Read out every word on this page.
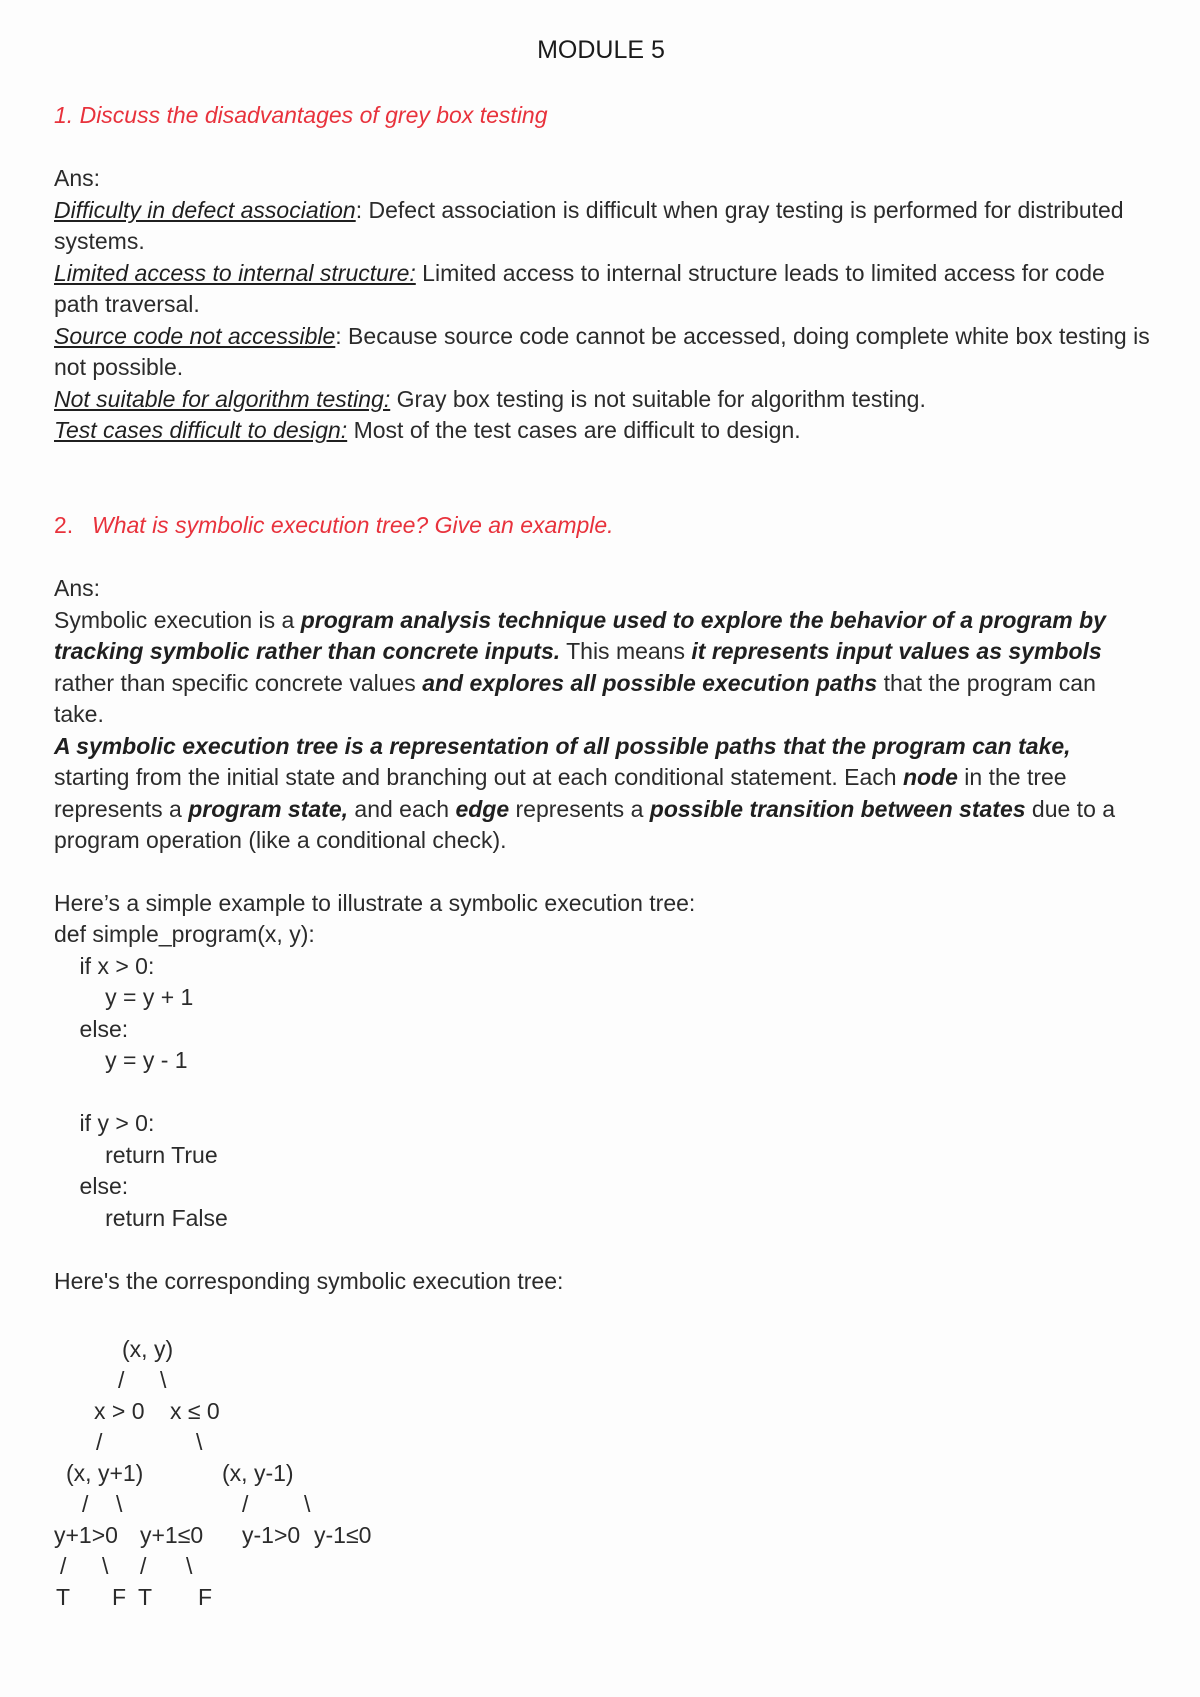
MODULE 5
1. Discuss the disadvantages of grey box testing

Ans:

Difficulty in defect association: Defect association is difficult when gray testing is performed for distributed systems.

Limited access to internal structure: Limited access to internal structure leads to limited access for code path traversal.

Source code not accessible: Because source code cannot be accessed, doing complete white box testing is not possible.

Not suitable for algorithm testing: Gray box testing is not suitable for algorithm testing.

Test cases difficult to design: Most of the test cases are difficult to design.

2. What is symbolic execution tree? Give an example.

Ans:

Symbolic execution is a program analysis technique used to explore the behavior of a program by tracking symbolic rather than concrete inputs. This means it represents input values as symbols rather than specific concrete values and explores all possible execution paths that the program can take.

A symbolic execution tree is a representation of all possible paths that the program can take, starting from the initial state and branching out at each conditional statement. Each node in the tree represents a program state, and each edge represents a possible transition between states due to a program operation (like a conditional check).

Here’s a simple example to illustrate a symbolic execution tree:

def simple_program(x, y):
if x > 0:
y = y + 1
else:
y = y - 1

if y > 0:
return True
else:
return False
Here's the corresponding symbolic execution tree:
(x, y)
/ \
x > 0 x ≤ 0
/	\
(x, y+1)	(x, y-1)
/ \	/ \
y+1>0 y+1≤0 y-1>0 y-1≤0
/ \ / \
T F T F
